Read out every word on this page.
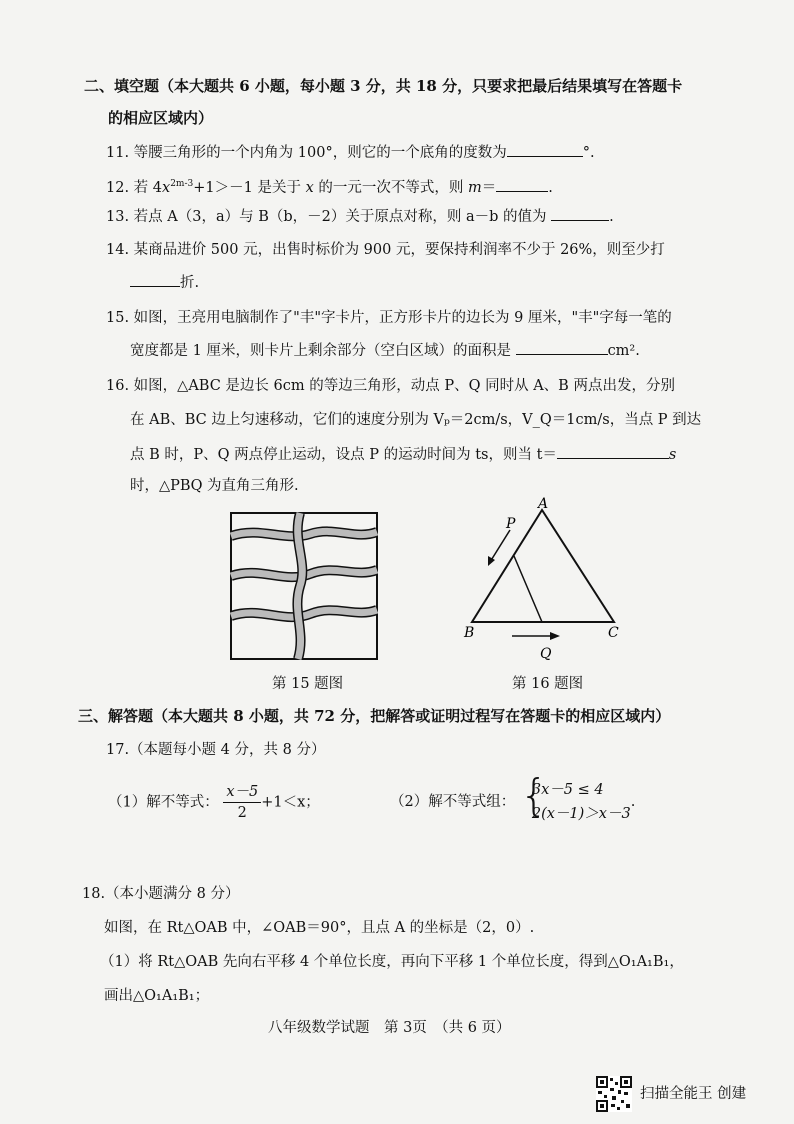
二、填空题（本大题共 6 小题，每小题 3 分，共 18 分，只要求把最后结果填写在答题卡
的相应区域内）
11. 等腰三角形的一个内角为 100°，则它的一个底角的度数为	°.
12. 若 $4x^{2m-3}+1>-1$ 是关于 x 的一元一次不等式，则 m＝	.
13. 若点 A（3，a）与 B（b，－2）关于原点对称，则 a－b 的值为	.
14. 某商品进价 500 元，出售时标价为 900 元，要保持利润率不少于 26%，则至少打
折.
15. 如图，王亮用电脑制作了"丰"字卡片，正方形卡片的边长为 9 厘米，"丰"字每一笔的
宽度都是 1 厘米，则卡片上剩余部分（空白区域）的面积是	cm².
16. 如图，△ABC 是边长 6cm 的等边三角形，动点 P、Q 同时从 A、B 两点出发，分别
在 AB、BC 边上匀速移动，它们的速度分别为 Vₚ＝2cm/s，V_Q＝1cm/s，当点 P 到达
点 B 时，P、Q 两点停止运动，设点 P 的运动时间为 ts，则当 t＝	s
时，△PBQ 为直角三角形.
第 15 题图
A
B	C
P
Q
第 16 题图
三、解答题（本大题共 8 小题，共 72 分，把解答或证明过程写在答题卡的相应区域内）
17.（本题每小题 4 分，共 8 分）
（1）解不等式： $\frac{x-5}{2} +1<x$；	（2）解不等式组： {
3x－5 ≤ 4
2(x－1)＞x－3
.
18.（本小题满分 8 分）
如图，在 Rt△OAB 中，∠OAB＝90°，且点 A 的坐标是（2，0）.
（1）将 Rt△OAB 先向右平移 4 个单位长度，再向下平移 1 个单位长度，得到△O₁A₁B₁，
画出△O₁A₁B₁；
八年级数学试题　第 3页　（共 6 页）
扫描全能王 创建
